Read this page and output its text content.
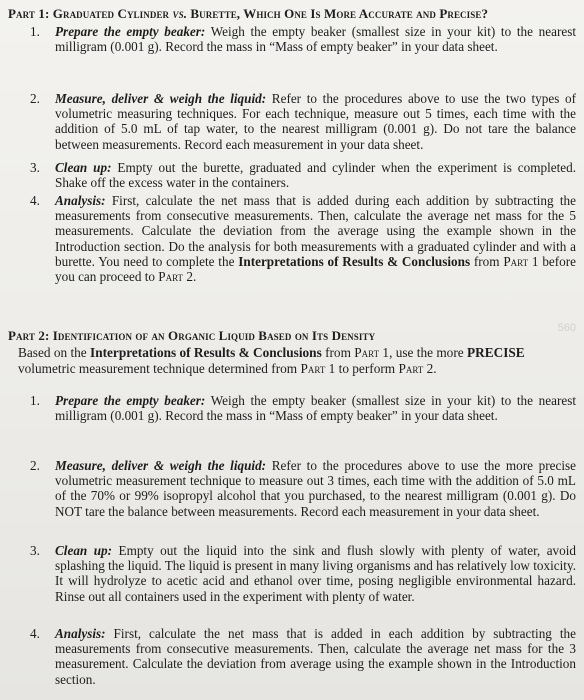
Part 1: Graduated Cylinder vs. Burette, Which One Is More Accurate and Precise?
1.	Prepare the empty beaker: Weigh the empty beaker (smallest size in your kit) to the nearest milligram (0.001 g). Record the mass in “Mass of empty beaker” in your data sheet.
2.	Measure, deliver & weigh the liquid: Refer to the procedures above to use the two types of volumetric measuring techniques. For each technique, measure out 5 times, each time with the addition of 5.0 mL of tap water, to the nearest milligram (0.001 g). Do not tare the balance between measurements. Record each measurement in your data sheet.
3.	Clean up: Empty out the burette, graduated and cylinder when the experiment is completed. Shake off the excess water in the containers.
4.	Analysis: First, calculate the net mass that is added during each addition by subtracting the measurements from consecutive measurements. Then, calculate the average net mass for the 5 measurements. Calculate the deviation from the average using the example shown in the Introduction section. Do the analysis for both measurements with a graduated cylinder and with a burette. You need to complete the Interpretations of Results & Conclusions from Part 1 before you can proceed to Part 2.
560
Part 2: Identification of an Organic Liquid Based on Its Density
Based on the Interpretations of Results & Conclusions from Part 1, use the more PRECISE volumetric measurement technique determined from Part 1 to perform Part 2.
1.	Prepare the empty beaker: Weigh the empty beaker (smallest size in your kit) to the nearest milligram (0.001 g). Record the mass in “Mass of empty beaker” in your data sheet.
2.	Measure, deliver & weigh the liquid: Refer to the procedures above to use the more precise volumetric measurement technique to measure out 3 times, each time with the addition of 5.0 mL of the 70% or 99% isopropyl alcohol that you purchased, to the nearest milligram (0.001 g). Do NOT tare the balance between measurements. Record each measurement in your data sheet.
3.	Clean up: Empty out the liquid into the sink and flush slowly with plenty of water, avoid splashing the liquid. The liquid is present in many living organisms and has relatively low toxicity. It will hydrolyze to acetic acid and ethanol over time, posing negligible environmental hazard. Rinse out all containers used in the experiment with plenty of water.
4.	Analysis: First, calculate the net mass that is added in each addition by subtracting the measurements from consecutive measurements. Then, calculate the average net mass for the 3 measurement. Calculate the deviation from average using the example shown in the Introduction section.
